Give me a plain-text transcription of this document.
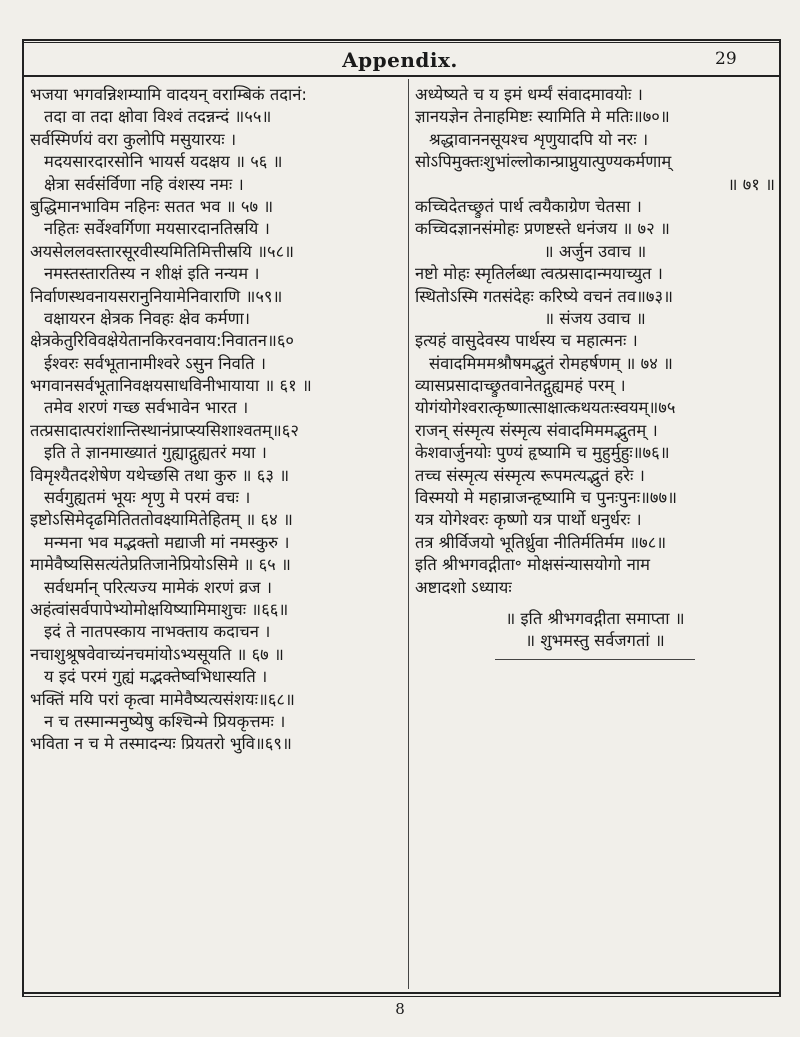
Appendix.	29
भजया भगवन्निशम्यामि वादयन् वराम्बिकं तदानं:
तदा वा तदा क्षोवा विश्वं तदन्नन्दं ॥५५॥
सर्वस्मिर्णयं वरा कुलोपि मसुयारयः ।
मदयसारदारसोनि भायर्स यदक्षय ॥ ५६ ॥
क्षेत्रा सर्वसंर्विणा नहि वंशस्य नमः ।
बुद्धिमानभाविम नहिनः सतत भव ॥ ५७ ॥
नहितः सर्वेश्वर्गिणा मयसारदानतिस्रयि ।
अयसेललवस्तारसूरवीस्यमितिमित्तीस्रयि ॥५८॥
नमस्तस्तारतिस्य न शीक्षं इति नन्यम ।
निर्वाणस्थवनायसरानुनियामेनिवाराणि ॥५९॥
वक्षायरन क्षेत्रक निवहः क्षेव कर्मणा।
क्षेत्रकेतुरिविवक्षेयेतानकिरवनवाय:निवातन॥६०
ईश्वरः सर्वभूतानामीश्वरे ऽसुन निवति ।
भगवानसर्वभूतानिवक्षयसाधविनीभायाया ॥ ६१ ॥
तमेव शरणं गच्छ सर्वभावेन भारत ।
तत्प्रसादात्परांशान्तिस्थानंप्राप्स्यसिशाश्वतम्॥६२
इति ते ज्ञानमाख्यातं गुह्याद्गुह्यतरं मया ।
विमृश्यैतदशेषेण यथेच्छसि तथा कुरु ॥ ६३ ॥
सर्वगुह्यतमं भूयः शृणु मे परमं वचः ।
इष्टोऽसिमेदृढमितिततोवक्ष्यामितेहितम् ॥ ६४ ॥
मन्मना भव मद्भक्तो मद्याजी मां नमस्कुरु ।
मामेवैष्यसिसत्यंतेप्रतिजानेप्रियोऽसिमे ॥ ६५ ॥
सर्वधर्मान् परित्यज्य मामेकं शरणं व्रज ।
अहंत्वांसर्वपापेभ्योमोक्षयिष्यामिमाशुचः ॥६६॥
इदं ते नातपस्काय नाभक्ताय कदाचन ।
नचाशुश्रूषवेवाच्यंनचमांयोऽभ्यसूयति ॥ ६७ ॥
य इदं परमं गुह्यं मद्भक्तेष्वभिधास्यति ।
भक्तिं मयि परां कृत्वा मामेवैष्यत्यसंशयः॥६८॥
न च तस्मान्मनुष्येषु कश्चिन्मे प्रियकृत्तमः ।
भविता न च मे तस्मादन्यः प्रियतरो भुवि॥६९॥
अध्येष्यते च य इमं धर्म्यं संवादमावयोः ।
ज्ञानयज्ञेन तेनाहमिष्टः स्यामिति मे मतिः॥७०॥
श्रद्धावाननसूयश्च शृणुयादपि यो नरः ।
सोऽपिमुक्तःशुभांल्लोकान्प्राप्नुयात्पुण्यकर्मणाम्
॥ ७१ ॥
कच्चिदेतच्छ्रुतं पार्थ त्वयैकाग्रेण चेतसा ।
कच्चिदज्ञानसंमोहः प्रणष्टस्ते धनंजय ॥ ७२ ॥
॥ अर्जुन उवाच ॥
नष्टो मोहः स्मृतिर्लब्धा त्वत्प्रसादान्मयाच्युत ।
स्थितोऽस्मि गतसंदेहः करिष्ये वचनं तव॥७३॥
॥ संजय उवाच ॥
इत्यहं वासुदेवस्य पार्थस्य च महात्मनः ।
संवादमिममश्रौषमद्भुतं रोमहर्षणम् ॥ ७४ ॥
व्यासप्रसादाच्छ्रुतवानेतद्गुह्यमहं परम् ।
योगंयोगेश्वरात्कृष्णात्साक्षात्कथयतःस्वयम्॥७५
राजन् संस्मृत्य संस्मृत्य संवादमिममद्भुतम् ।
केशवार्जुनयोः पुण्यं हृष्यामि च मुहुर्मुहुः॥७६॥
तच्च संस्मृत्य संस्मृत्य रूपमत्यद्भुतं हरेः ।
विस्मयो मे महान्राजन्हृष्यामि च पुनःपुनः॥७७॥
यत्र योगेश्वरः कृष्णो यत्र पार्थो धनुर्धरः ।
तत्र श्रीर्विजयो भूतिर्ध्रुवा नीतिर्मतिर्मम ॥७८॥
इति श्रीभगवद्गीता॰ मोक्षसंन्यासयोगो नाम
अष्टादशो ऽध्यायः
॥ इति श्रीभगवद्गीता समाप्ता ॥
॥ शुभमस्तु सर्वजगतां ॥
8
